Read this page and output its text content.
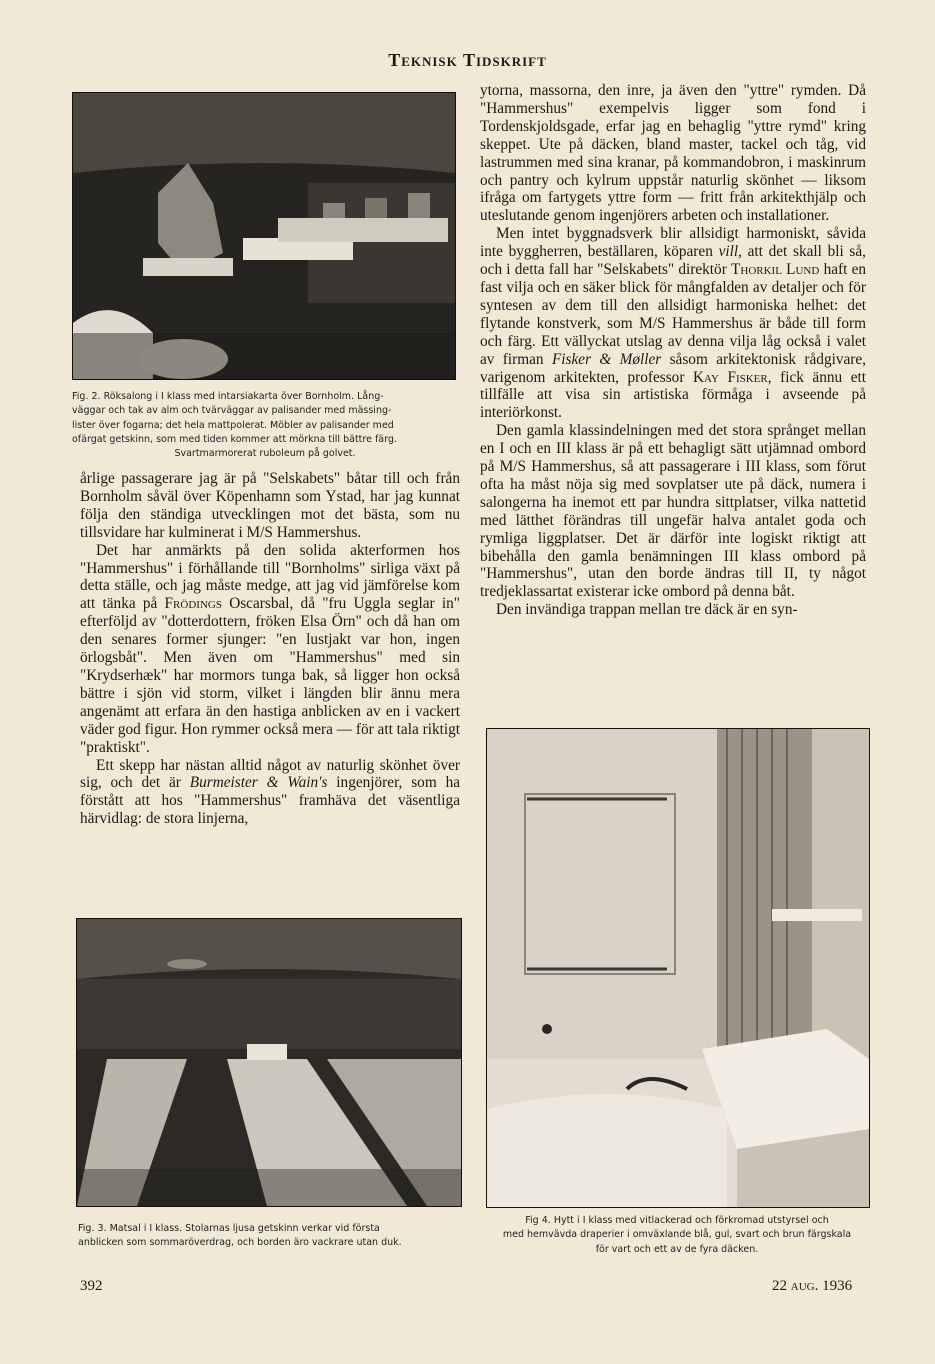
Teknisk Tidskrift
Fig. 2. Röksalong i I klass med intarsiakarta över Bornholm. Lång-
väggar och tak av alm och tvärväggar av palisander med mässing-
lister över fogarna; det hela mattpolerat. Möbler av palisander med
ofärgat getskinn, som med tiden kommer att mörkna till bättre färg.
Svartmarmorerat ruboleum på golvet.

årlige passagerare jag är på "Selskabets" båtar till och från Bornholm såväl över Köpenhamn som Ystad, har jag kunnat följa den ständiga utvecklingen mot det bästa, som nu tillsvidare har kulminerat i M/S Hammershus.

Det har anmärkts på den solida akterformen hos "Hammershus" i förhållande till "Bornholms" sirliga växt på detta ställe, och jag måste medge, att jag vid jämförelse kom att tänka på Frödings Oscarsbal, då "fru Uggla seglar in" efterföljd av "dotterdottern, fröken Elsa Örn" och då han om den senares former sjunger: "en lustjakt var hon, ingen örlogsbåt". Men även om "Hammershus" med sin "Krydserhæk" har mormors tunga bak, så ligger hon också bättre i sjön vid storm, vilket i längden blir ännu mera angenämt att erfara än den hastiga anblicken av en i vackert väder god figur. Hon rymmer också mera — för att tala riktigt "praktiskt".

Ett skepp har nästan alltid något av naturlig skönhet över sig, och det är Burmeister & Wain's ingenjörer, som ha förstått att hos "Hammershus" framhäva det väsentliga härvidlag: de stora linjerna,

ytorna, massorna, den inre, ja även den "yttre" rymden. Då "Hammershus" exempelvis ligger som fond i Tordenskjoldsgade, erfar jag en behaglig "yttre rymd" kring skeppet. Ute på däcken, bland master, tackel och tåg, vid lastrummen med sina kranar, på kommandobron, i maskinrum och pantry och kylrum uppstår naturlig skönhet — liksom ifråga om fartygets yttre form — fritt från arkitekthjälp och uteslutande genom ingenjörers arbeten och installationer.

Men intet byggnadsverk blir allsidigt harmoniskt, såvida inte byggherren, beställaren, köparen vill, att det skall bli så, och i detta fall har "Selskabets" direktör Thorkil Lund haft en fast vilja och en säker blick för mångfalden av detaljer och för syntesen av dem till den allsidigt harmoniska helhet: det flytande konstverk, som M/S Hammershus är både till form och färg. Ett vällyckat utslag av denna vilja låg också i valet av firman Fisker & Møller såsom arkitektonisk rådgivare, varigenom arkitekten, professor Kay Fisker, fick ännu ett tillfälle att visa sin artistiska förmåga i avseende på interiörkonst.

Den gamla klassindelningen med det stora språnget mellan en I och en III klass är på ett behagligt sätt utjämnad ombord på M/S Hammershus, så att passagerare i III klass, som förut ofta ha måst nöja sig med sovplatser ute på däck, numera i salongerna ha inemot ett par hundra sittplatser, vilka nattetid med lätthet förändras till ungefär halva antalet goda och rymliga liggplatser. Det är därför inte logiskt riktigt att bibehålla den gamla benämningen III klass ombord på "Hammershus", utan den borde ändras till II, ty något tredjeklassartat existerar icke ombord på denna båt.

Den invändiga trappan mellan tre däck är en syn-

Fig. 3. Matsal i I klass. Stolarnas ljusa getskinn verkar vid första
anblicken som sommaröverdrag, och borden äro vackrare utan duk.
Fig 4. Hytt i I klass med vitlackerad och förkromad utstyrsel och
med hemvävda draperier i omväxlande blå, gul, svart och brun färgskala
för vart och ett av de fyra däcken.
392	22 aug. 1936
